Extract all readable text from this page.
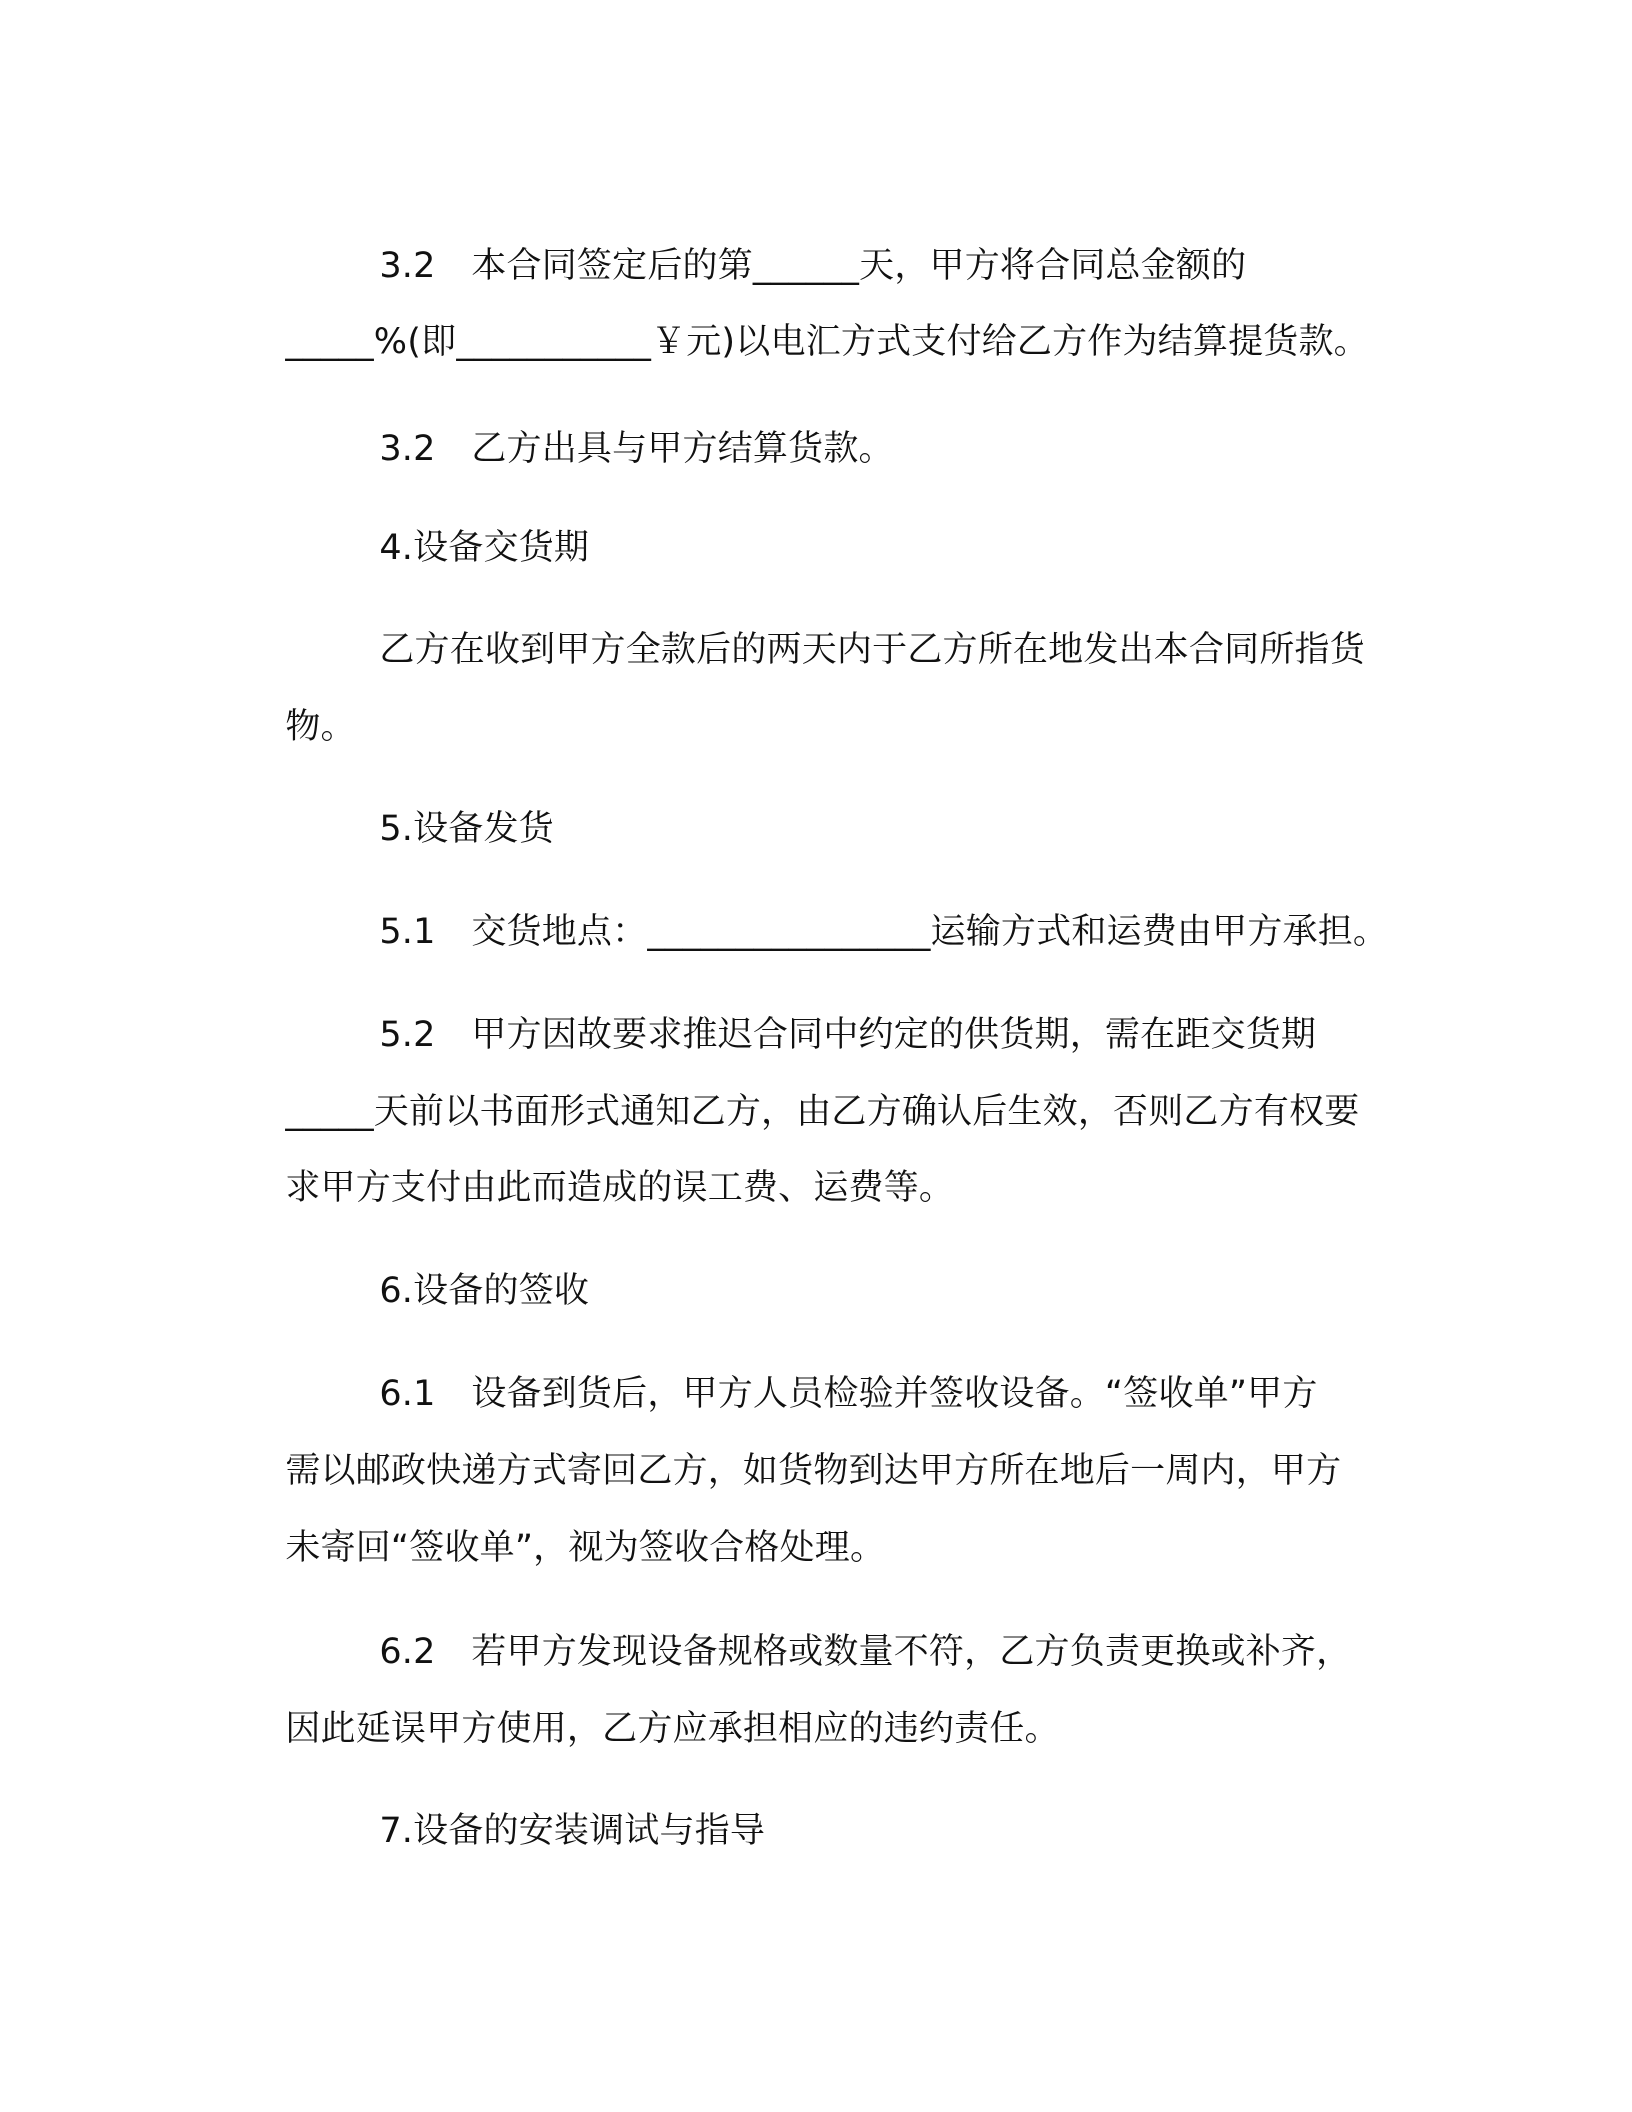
3.2 本合同签定后的第______天，甲方将合同总金额的

_____%(即___________￥元)以电汇方式支付给乙方作为结算提货款。

3.2 乙方出具与甲方结算货款。

4.设备交货期

乙方在收到甲方全款后的两天内于乙方所在地发出本合同所指货

物。

5.设备发货

5.1 交货地点：________________运输方式和运费由甲方承担。

5.2 甲方因故要求推迟合同中约定的供货期，需在距交货期

_____天前以书面形式通知乙方，由乙方确认后生效，否则乙方有权要

求甲方支付由此而造成的误工费、运费等。

6.设备的签收

6.1 设备到货后，甲方人员检验并签收设备。“签收单”甲方

需以邮政快递方式寄回乙方，如货物到达甲方所在地后一周内，甲方

未寄回“签收单”，视为签收合格处理。

6.2 若甲方发现设备规格或数量不符，乙方负责更换或补齐，

因此延误甲方使用，乙方应承担相应的违约责任。

7.设备的安装调试与指导
